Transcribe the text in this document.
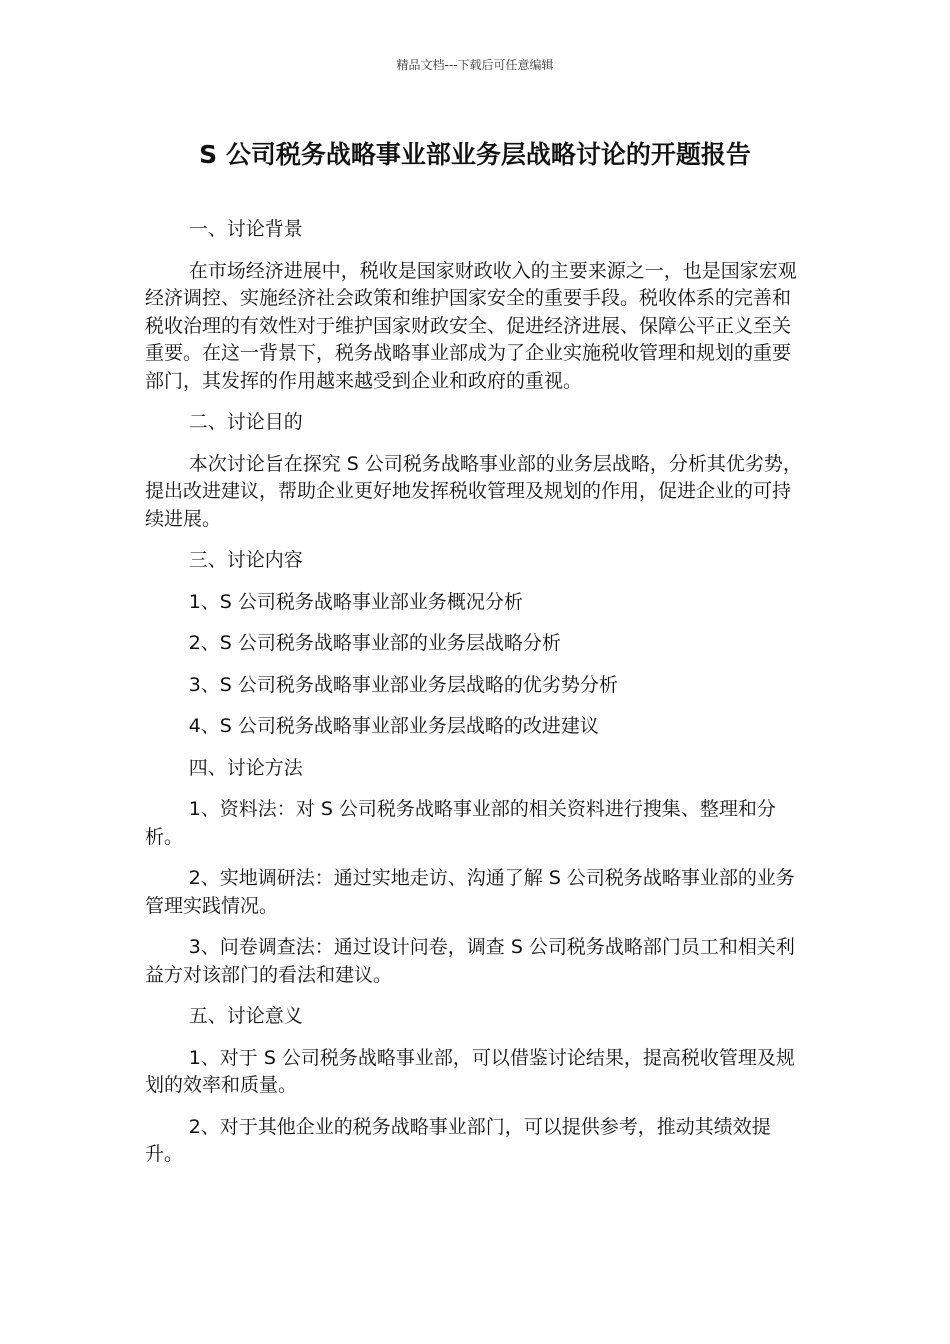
精品文档---下载后可任意编辑
S 公司税务战略事业部业务层战略讨论的开题报告

一、讨论背景

在市场经济进展中，税收是国家财政收入的主要来源之一，也是国家宏观经济调控、实施经济社会政策和维护国家安全的重要手段。税收体系的完善和税收治理的有效性对于维护国家财政安全、促进经济进展、保障公平正义至关重要。在这一背景下，税务战略事业部成为了企业实施税收管理和规划的重要部门，其发挥的作用越来越受到企业和政府的重视。

二、讨论目的

本次讨论旨在探究 S 公司税务战略事业部的业务层战略，分析其优劣势，提出改进建议，帮助企业更好地发挥税收管理及规划的作用，促进企业的可持续进展。

三、讨论内容

1、S 公司税务战略事业部业务概况分析

2、S 公司税务战略事业部的业务层战略分析

3、S 公司税务战略事业部业务层战略的优劣势分析

4、S 公司税务战略事业部业务层战略的改进建议

四、讨论方法

1、资料法：对 S 公司税务战略事业部的相关资料进行搜集、整理和分析。

2、实地调研法：通过实地走访、沟通了解 S 公司税务战略事业部的业务管理实践情况。

3、问卷调查法：通过设计问卷，调查 S 公司税务战略部门员工和相关利益方对该部门的看法和建议。

五、讨论意义

1、对于 S 公司税务战略事业部，可以借鉴讨论结果，提高税收管理及规划的效率和质量。

2、对于其他企业的税务战略事业部门，可以提供参考，推动其绩效提升。
